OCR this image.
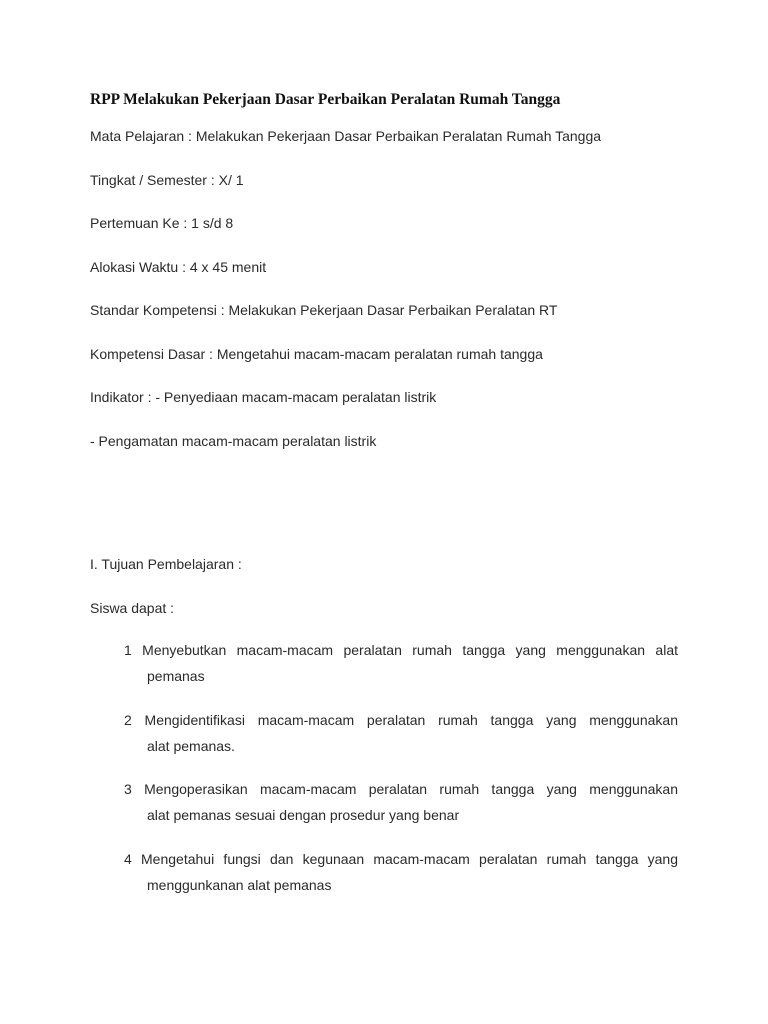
RPP Melakukan Pekerjaan Dasar Perbaikan Peralatan Rumah Tangga
Mata Pelajaran : Melakukan Pekerjaan Dasar Perbaikan Peralatan Rumah Tangga
Tingkat / Semester : X/ 1
Pertemuan Ke : 1 s/d 8
Alokasi Waktu : 4 x 45 menit
Standar Kompetensi : Melakukan Pekerjaan Dasar Perbaikan Peralatan RT
Kompetensi Dasar : Mengetahui macam-macam peralatan rumah tangga
Indikator : - Penyediaan macam-macam peralatan listrik
- Pengamatan macam-macam peralatan listrik
I. Tujuan Pembelajaran :
Siswa dapat :
1 Menyebutkan macam-macam peralatan rumah tangga yang menggunakan alat
pemanas
2 Mengidentifikasi macam-macam peralatan rumah tangga yang menggunakan
alat pemanas.
3 Mengoperasikan macam-macam peralatan rumah tangga yang menggunakan
alat pemanas sesuai dengan prosedur yang benar
4 Mengetahui fungsi dan kegunaan macam-macam peralatan rumah tangga yang
menggunkanan alat pemanas
